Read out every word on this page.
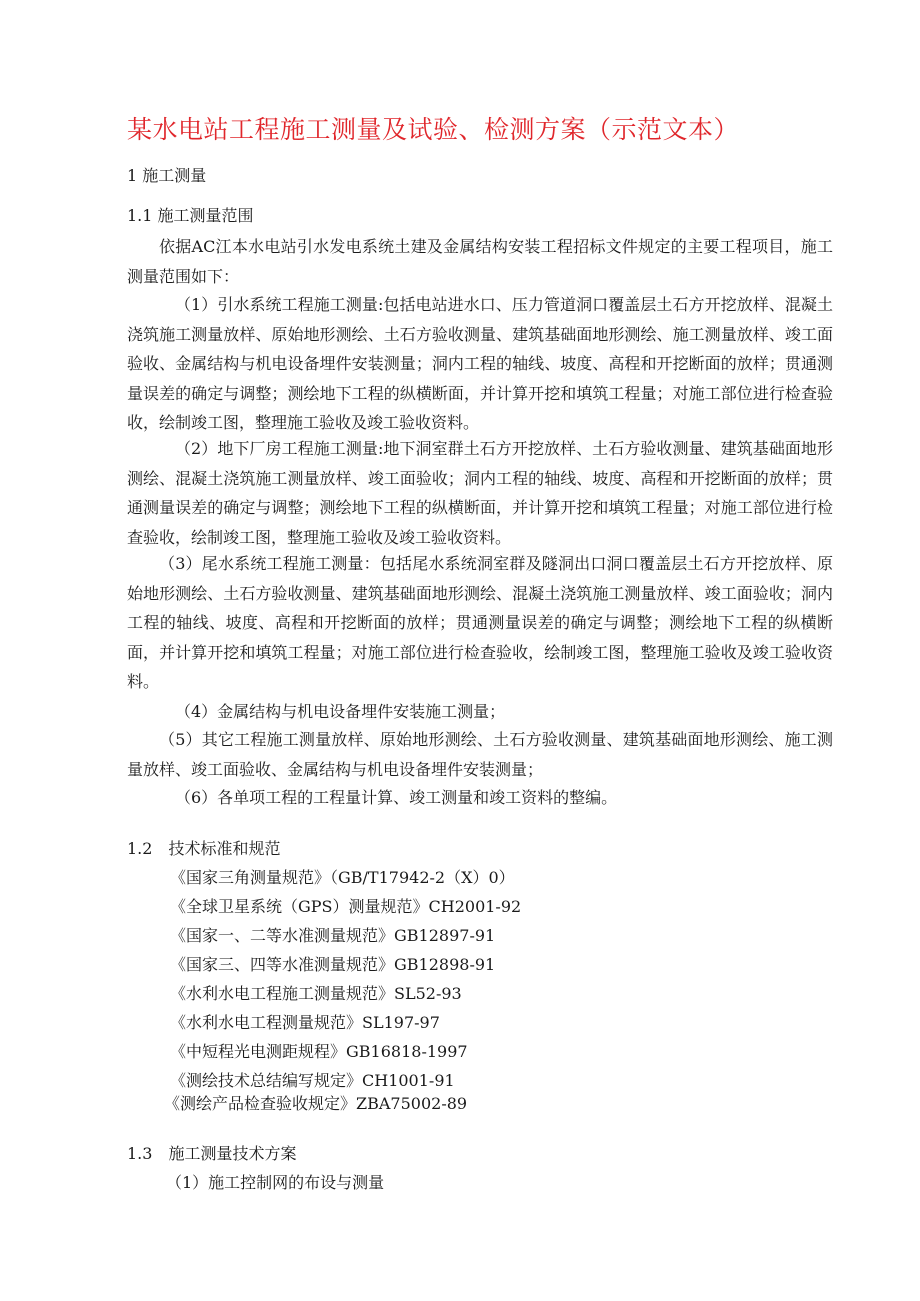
某水电站工程施工测量及试验、检测方案（示范文本）
1 施工测量
1.1 施工测量范围
依据AC江本水电站引水发电系统土建及金属结构安装工程招标文件规定的主要工程项目，施工测量范围如下：
（1）引水系统工程施工测量:包括电站进水口、压力管道洞口覆盖层土石方开挖放样、混凝土浇筑施工测量放样、原始地形测绘、土石方验收测量、建筑基础面地形测绘、施工测量放样、竣工面验收、金属结构与机电设备埋件安装测量；洞内工程的轴线、坡度、高程和开挖断面的放样；贯通测量误差的确定与调整；测绘地下工程的纵横断面，并计算开挖和填筑工程量；对施工部位进行检查验收，绘制竣工图，整理施工验收及竣工验收资料。
（2）地下厂房工程施工测量:地下洞室群土石方开挖放样、土石方验收测量、建筑基础面地形测绘、混凝土浇筑施工测量放样、竣工面验收；洞内工程的轴线、坡度、高程和开挖断面的放样；贯通测量误差的确定与调整；测绘地下工程的纵横断面，并计算开挖和填筑工程量；对施工部位进行检查验收，绘制竣工图，整理施工验收及竣工验收资料。
（3）尾水系统工程施工测量：包括尾水系统洞室群及隧洞出口洞口覆盖层土石方开挖放样、原始地形测绘、土石方验收测量、建筑基础面地形测绘、混凝土浇筑施工测量放样、竣工面验收；洞内工程的轴线、坡度、高程和开挖断面的放样；贯通测量误差的确定与调整；测绘地下工程的纵横断面，并计算开挖和填筑工程量；对施工部位进行检查验收，绘制竣工图，整理施工验收及竣工验收资料。
（4）金属结构与机电设备埋件安装施工测量；
（5）其它工程施工测量放样、原始地形测绘、土石方验收测量、建筑基础面地形测绘、施工测量放样、竣工面验收、金属结构与机电设备埋件安装测量；
（6）各单项工程的工程量计算、竣工测量和竣工资料的整编。
1.2　技术标准和规范
《国家三角测量规范》（GB/T17942-2（X）0）
《全球卫星系统（GPS）测量规范》CH2001-92
《国家一、二等水准测量规范》GB12897-91
《国家三、四等水准测量规范》GB12898-91
《水利水电工程施工测量规范》SL52-93
《水利水电工程测量规范》SL197-97
《中短程光电测距规程》GB16818-1997
《测绘技术总结编写规定》CH1001-91
《测绘产品检查验收规定》ZBA75002-89
1.3　施工测量技术方案
（1）施工控制网的布设与测量
